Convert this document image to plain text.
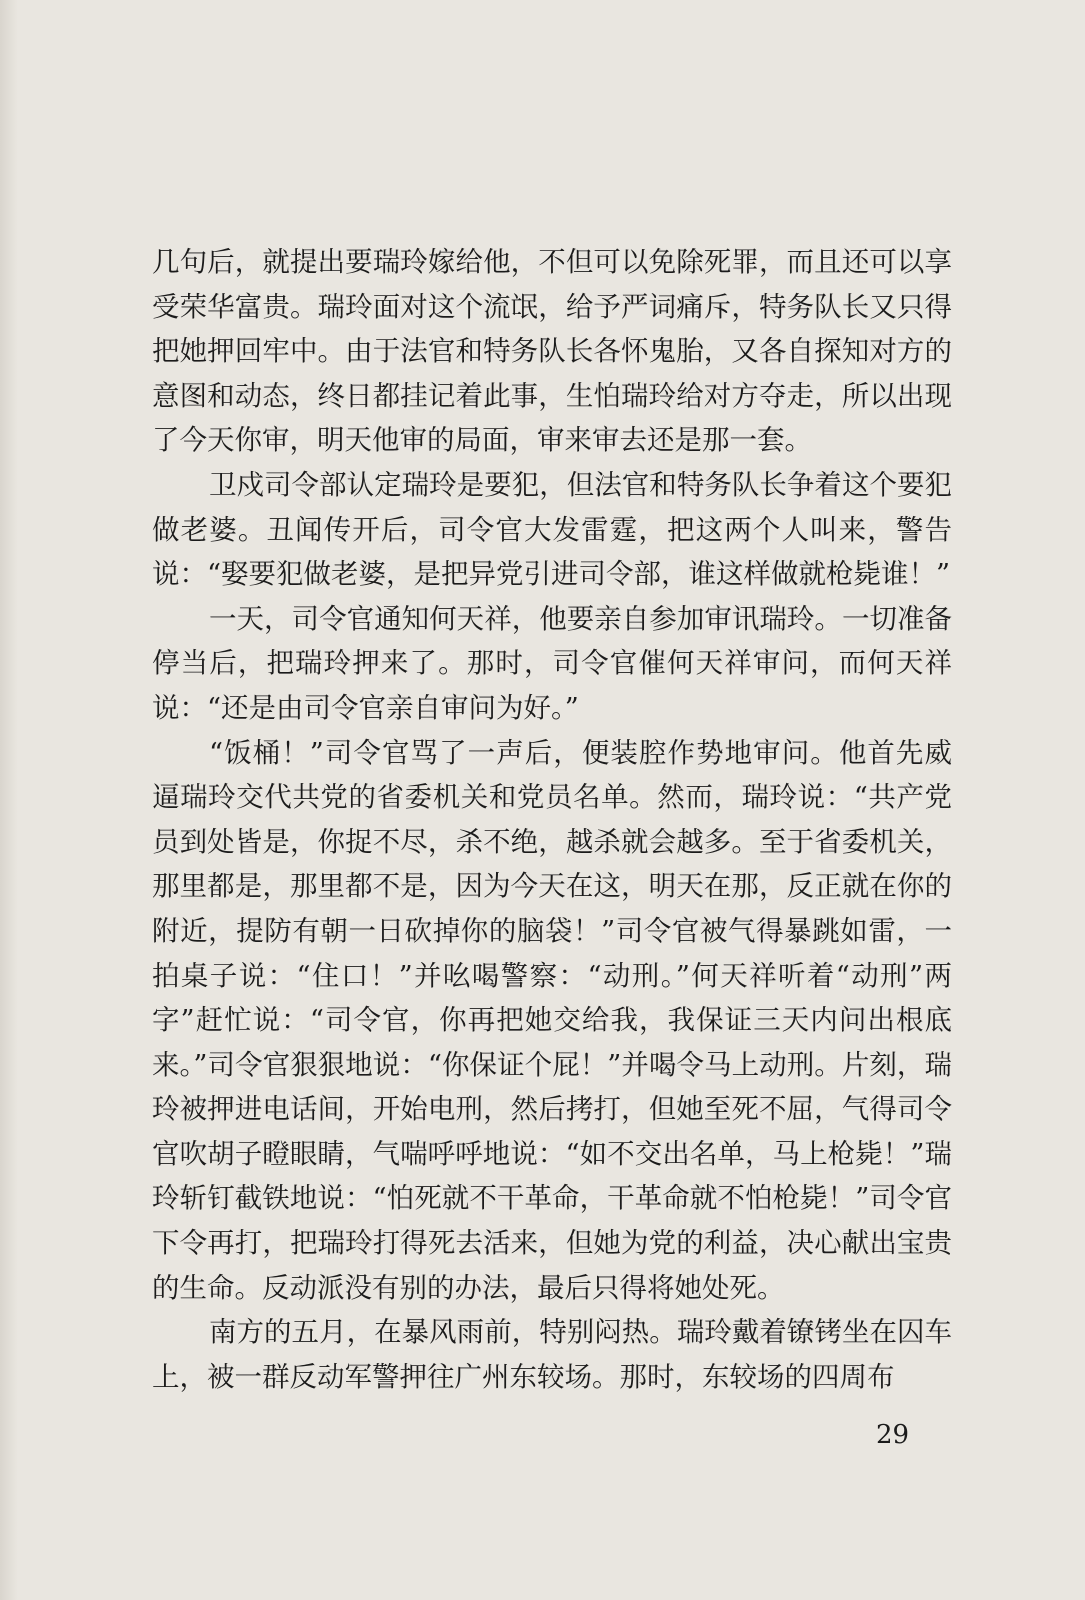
几句后，就提出要瑞玲嫁给他，不但可以免除死罪，而且还可以享受荣华富贵。瑞玲面对这个流氓，给予严词痛斥，特务队长又只得把她押回牢中。由于法官和特务队长各怀鬼胎，又各自探知对方的意图和动态，终日都挂记着此事，生怕瑞玲给对方夺走，所以出现了今天你审，明天他审的局面，审来审去还是那一套。

卫戍司令部认定瑞玲是要犯，但法官和特务队长争着这个要犯做老婆。丑闻传开后，司令官大发雷霆，把这两个人叫来，警告说：“娶要犯做老婆，是把异党引进司令部，谁这样做就枪毙谁！”

一天，司令官通知何天祥，他要亲自参加审讯瑞玲。一切准备停当后，把瑞玲押来了。那时，司令官催何天祥审问，而何天祥说：“还是由司令官亲自审问为好。”

“饭桶！”司令官骂了一声后，便装腔作势地审问。他首先威逼瑞玲交代共党的省委机关和党员名单。然而，瑞玲说：“共产党员到处皆是，你捉不尽，杀不绝，越杀就会越多。至于省委机关，那里都是，那里都不是，因为今天在这，明天在那，反正就在你的附近，提防有朝一日砍掉你的脑袋！”司令官被气得暴跳如雷，一拍桌子说：“住口！”并吆喝警察：“动刑。”何天祥听着“动刑”两字”赶忙说：“司令官，你再把她交给我，我保证三天内问出根底来。”司令官狠狠地说：“你保证个屁！”并喝令马上动刑。片刻，瑞玲被押进电话间，开始电刑，然后拷打，但她至死不屈，气得司令官吹胡子瞪眼睛，气喘呼呼地说：“如不交出名单，马上枪毙！”瑞玲斩钉截铁地说：“怕死就不干革命，干革命就不怕枪毙！”司令官下令再打，把瑞玲打得死去活来，但她为党的利益，决心献出宝贵的生命。反动派没有别的办法，最后只得将她处死。

南方的五月，在暴风雨前，特别闷热。瑞玲戴着镣铐坐在囚车上，被一群反动军警押往广州东较场。那时，东较场的四周布

29
